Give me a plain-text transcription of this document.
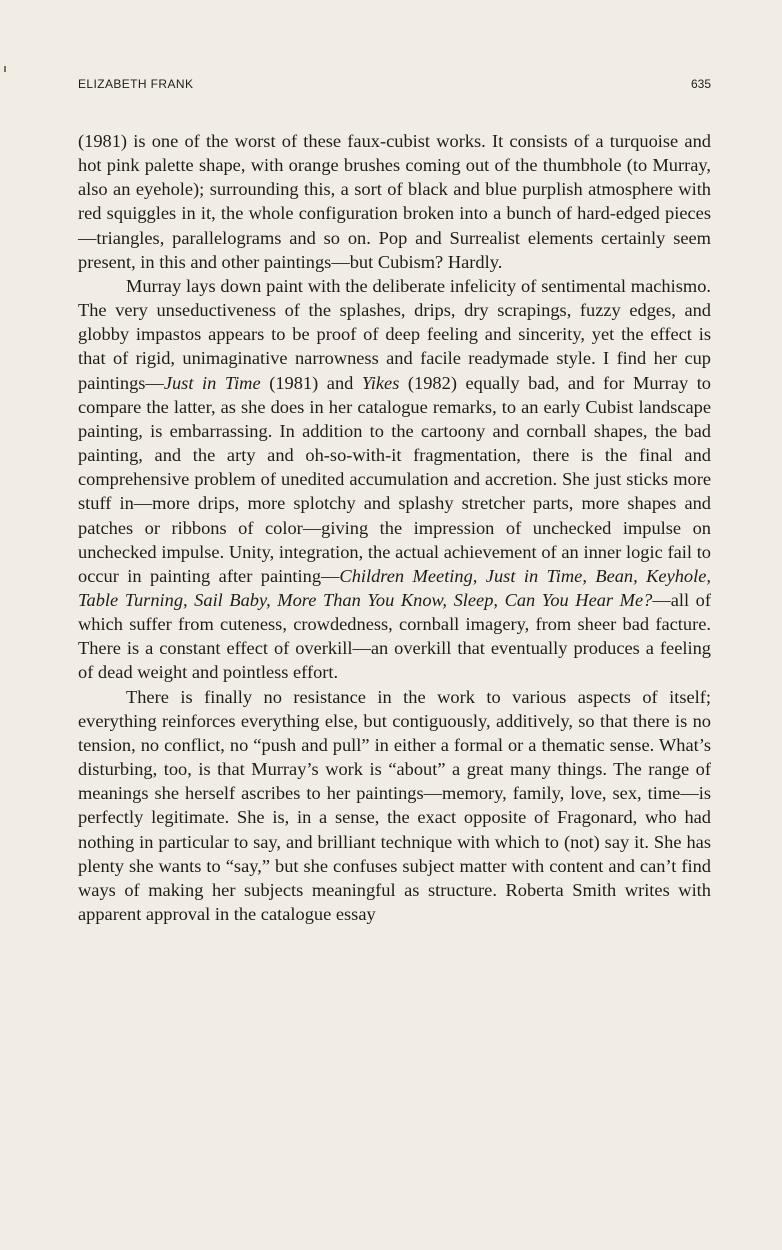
ELIZABETH FRANK	635

(1981) is one of the worst of these faux-cubist works. It consists of a turquoise and hot pink palette shape, with orange brushes coming out of the thumbhole (to Murray, also an eyehole); surrounding this, a sort of black and blue purplish atmosphere with red squiggles in it, the whole configuration broken into a bunch of hard-edged pieces—triangles, parallelograms and so on. Pop and Surrealist elements certainly seem present, in this and other paintings—but Cubism? Hardly.

Murray lays down paint with the deliberate infelicity of sentimental machismo. The very unseductiveness of the splashes, drips, dry scrapings, fuzzy edges, and globby impastos appears to be proof of deep feeling and sincerity, yet the effect is that of rigid, unimaginative narrowness and facile readymade style. I find her cup paintings—Just in Time (1981) and Yikes (1982) equally bad, and for Murray to compare the latter, as she does in her catalogue remarks, to an early Cubist landscape painting, is embarrassing. In addition to the cartoony and cornball shapes, the bad painting, and the arty and oh-so-with-it fragmentation, there is the final and comprehensive problem of unedited accumulation and accretion. She just sticks more stuff in—more drips, more splotchy and splashy stretcher parts, more shapes and patches or ribbons of color—giving the impression of unchecked impulse on unchecked impulse. Unity, integration, the actual achievement of an inner logic fail to occur in painting after painting—Children Meeting, Just in Time, Bean, Keyhole, Table Turning, Sail Baby, More Than You Know, Sleep, Can You Hear Me?—all of which suffer from cuteness, crowdedness, cornball imagery, from sheer bad facture. There is a constant effect of overkill—an overkill that eventually produces a feeling of dead weight and pointless effort.

There is finally no resistance in the work to various aspects of itself; everything reinforces everything else, but contiguously, additively, so that there is no tension, no conflict, no “push and pull” in either a formal or a thematic sense. What’s disturbing, too, is that Murray’s work is “about” a great many things. The range of meanings she herself ascribes to her paintings—memory, family, love, sex, time—is perfectly legitimate. She is, in a sense, the exact opposite of Fragonard, who had nothing in particular to say, and brilliant technique with which to (not) say it. She has plenty she wants to “say,” but she confuses subject matter with content and can’t find ways of making her subjects meaningful as structure. Roberta Smith writes with apparent approval in the catalogue essay
